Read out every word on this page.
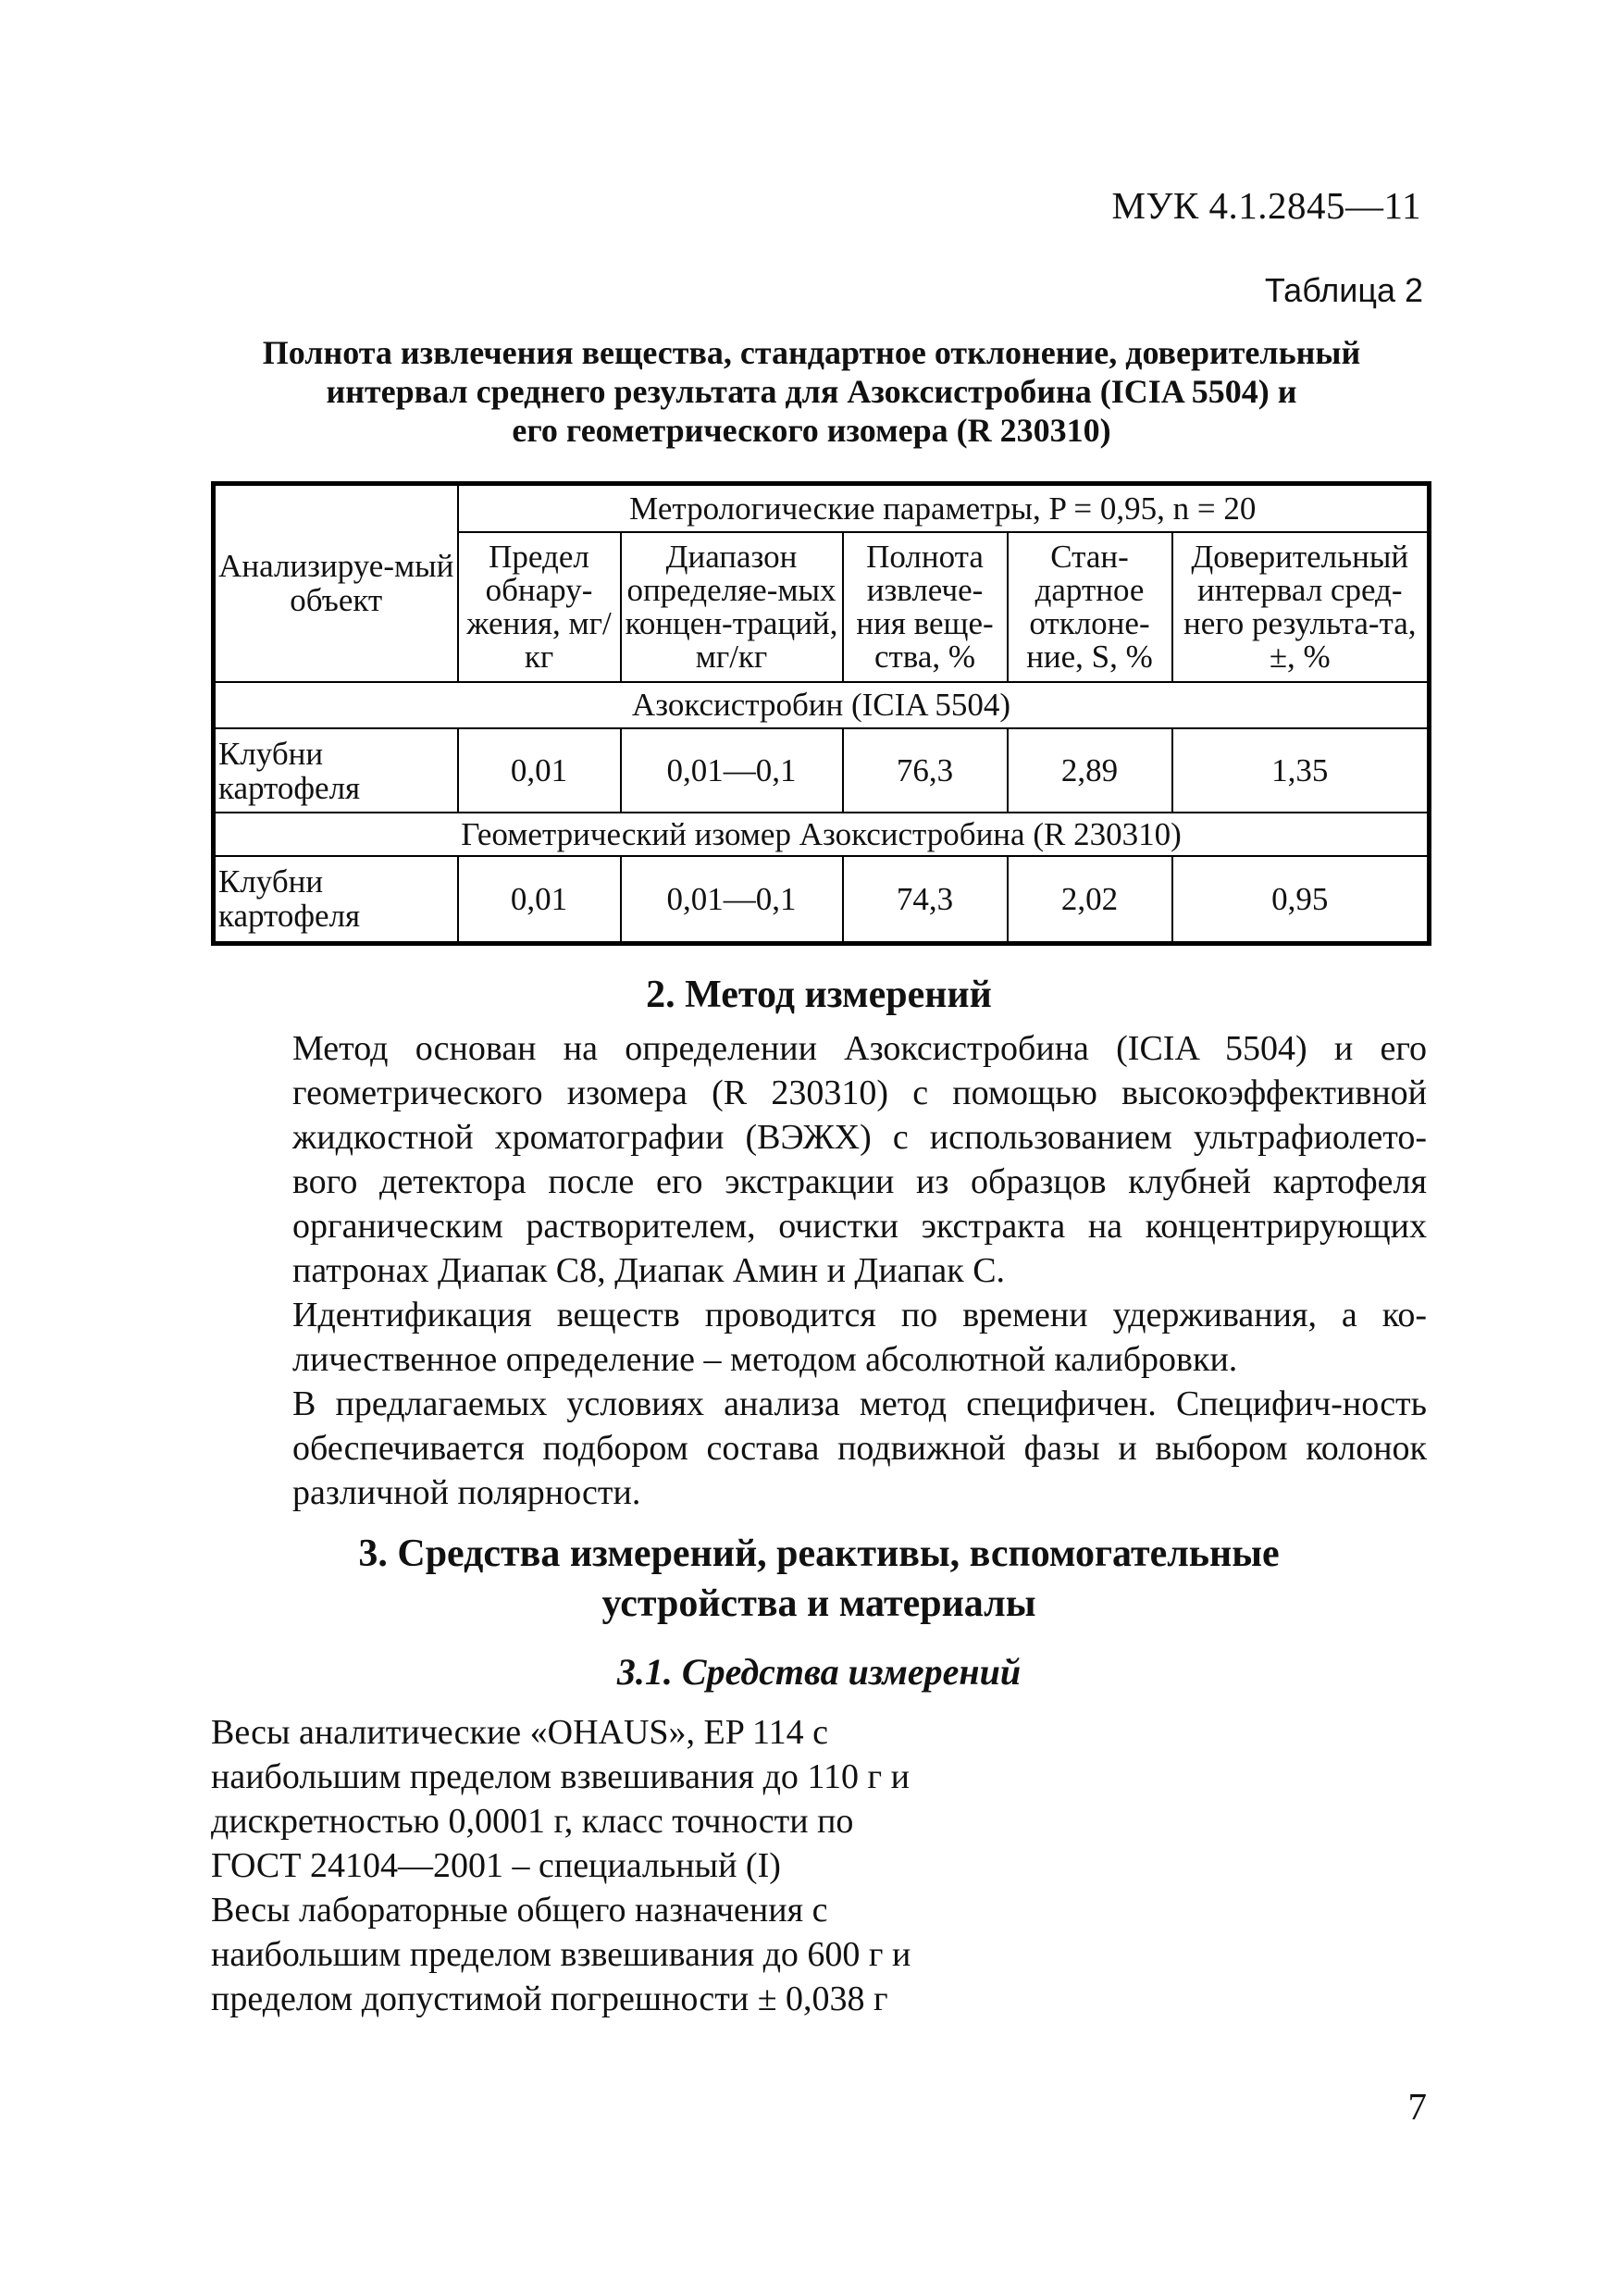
МУК 4.1.2845—11
Таблица 2
Полнота извлечения вещества, стандартное отклонение, доверительный
интервал среднего результата для Азоксистробина (ICIA 5504) и
его геометрического изомера (R 230310)
Анализируе-мый объект	Метрологические параметры, P = 0,95, n = 20				
	Предел обнару-жения, мг/кг	Диапазон определяе-мых концен-траций, мг/кг	Полнота извлече-ния веще-ства, %	Стан-дартное отклоне-ние, S, %	Доверительный интервал сред-него результа-та, ±, %
Азоксистробин (ICIA 5504)					
Клубни картофеля	0,01	0,01—0,1	76,3	2,89	1,35
Геометрический изомер Азоксистробина (R 230310)					
Клубни картофеля	0,01	0,01—0,1	74,3	2,02	0,95
2. Метод измерений
Метод основан на определении Азоксистробина (ICIA 5504) и его геометрического изомера (R 230310) с помощью высокоэффективной жидкостной хроматографии (ВЭЖХ) с использованием ультрафиолето-вого детектора после его экстракции из образцов клубней картофеля органическим растворителем, очистки экстракта на концентрирующих патронах Диапак С8, Диапак Амин и Диапак С.
Идентификация веществ проводится по времени удерживания, а ко-личественное определение – методом абсолютной калибровки.
В предлагаемых условиях анализа метод специфичен. Специфич-ность обеспечивается подбором состава подвижной фазы и выбором колонок различной полярности.
3. Средства измерений, реактивы, вспомогательные
устройства и материалы
3.1. Средства измерений
Весы аналитические «OHAUS», EP 114 с
наибольшим пределом взвешивания до 110 г и
дискретностью 0,0001 г, класс точности по
ГОСТ 24104—2001 – специальный (I)
Весы лабораторные общего назначения с
наибольшим пределом взвешивания до 600 г и
пределом допустимой погрешности ± 0,038 г
7
